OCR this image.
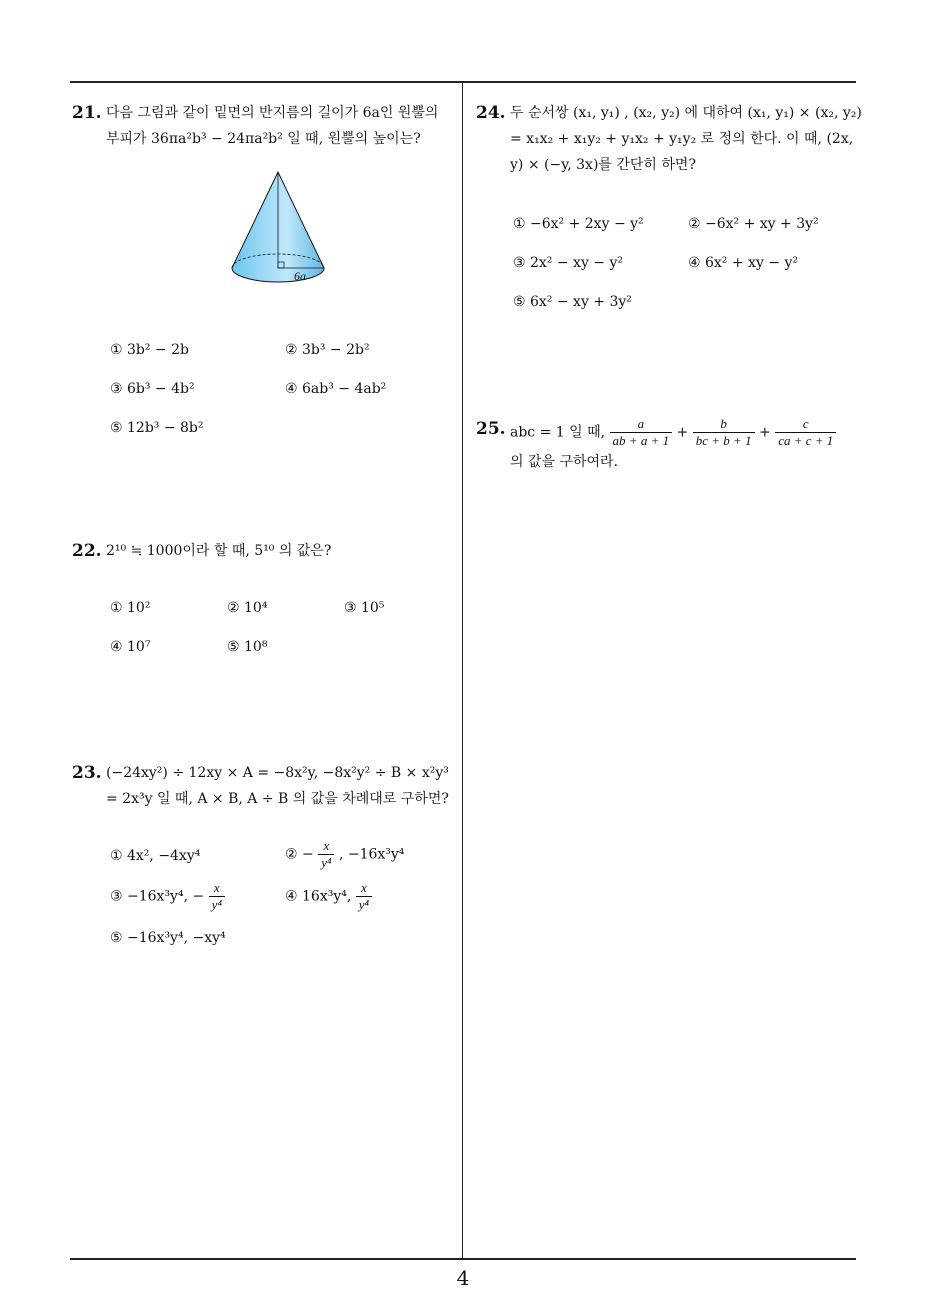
21. 다음 그림과 같이 밑면의 반지름의 길이가 6a인 원뿔의 부피가 36πa²b³ − 24πa²b² 일 때, 원뿔의 높이는?
6a
① 3b² − 2b	② 3b³ − 2b²
③ 6b³ − 4b²	④ 6ab³ − 4ab²
⑤ 12b³ − 8b²
22. 2¹⁰ ≒ 1000이라 할 때, 5¹⁰ 의 값은?
① 10²	② 10⁴	③ 10⁵
④ 10⁷	⑤ 10⁸
23. (−24xy²) ÷ 12xy × A = −8x²y, −8x²y² ÷ B × x²y³ = 2x³y 일 때, A × B, A ÷ B 의 값을 차례대로 구하면?
① 4x², −4xy⁴	② − $\frac{x}{\text{y⁴}}$ , −16x³y⁴
③ −16x³y⁴, − $\frac{x}{\text{y⁴}}$	④ 16x³y⁴, $\frac{x}{\text{y⁴}}$
⑤ −16x³y⁴, −xy⁴
24. 두 순서쌍 (x₁, y₁) , (x₂, y₂) 에 대하여 (x₁, y₁) × (x₂, y₂) = x₁x₂ + x₁y₂ + y₁x₂ + y₁y₂ 로 정의 한다. 이 때, (2x, y) × (−y, 3x)를 간단히 하면?
① −6x² + 2xy − y²	② −6x² + xy + 3y²
③ 2x² − xy − y²	④ 6x² + xy − y²
⑤ 6x² − xy + 3y²
25. abc = 1 일 때, $\frac{a}{ab + a + 1} + \frac{b}{bc + b + 1} + \frac{c}{ca + c + 1}$
의 값을 구하여라.
4
